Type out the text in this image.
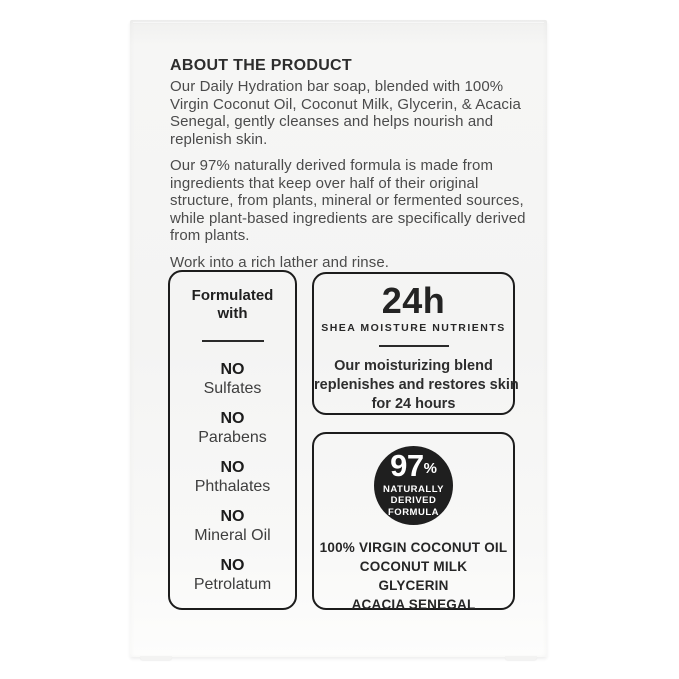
ABOUT THE PRODUCT
Our Daily Hydration bar soap, blended with 100%
Virgin Coconut Oil, Coconut Milk, Glycerin, & Acacia
Senegal, gently cleanses and helps nourish and
replenish skin.
Our 97% naturally derived formula is made from
ingredients that keep over half of their original
structure, from plants, mineral or fermented sources,
while plant-based ingredients are specifically derived
from plants.
Work into a rich lather and rinse.
Formulated
with
NO
Sulfates
NO
Parabens
NO
Phthalates
NO
Mineral Oil
NO
Petrolatum
24h
SHEA MOISTURE NUTRIENTS
Our moisturizing blend
replenishes and restores skin
for 24 hours
97 %
NATURALLY
DERIVED
FORMULA
100% VIRGIN COCONUT OIL
COCONUT MILK
GLYCERIN
ACACIA SENEGAL
